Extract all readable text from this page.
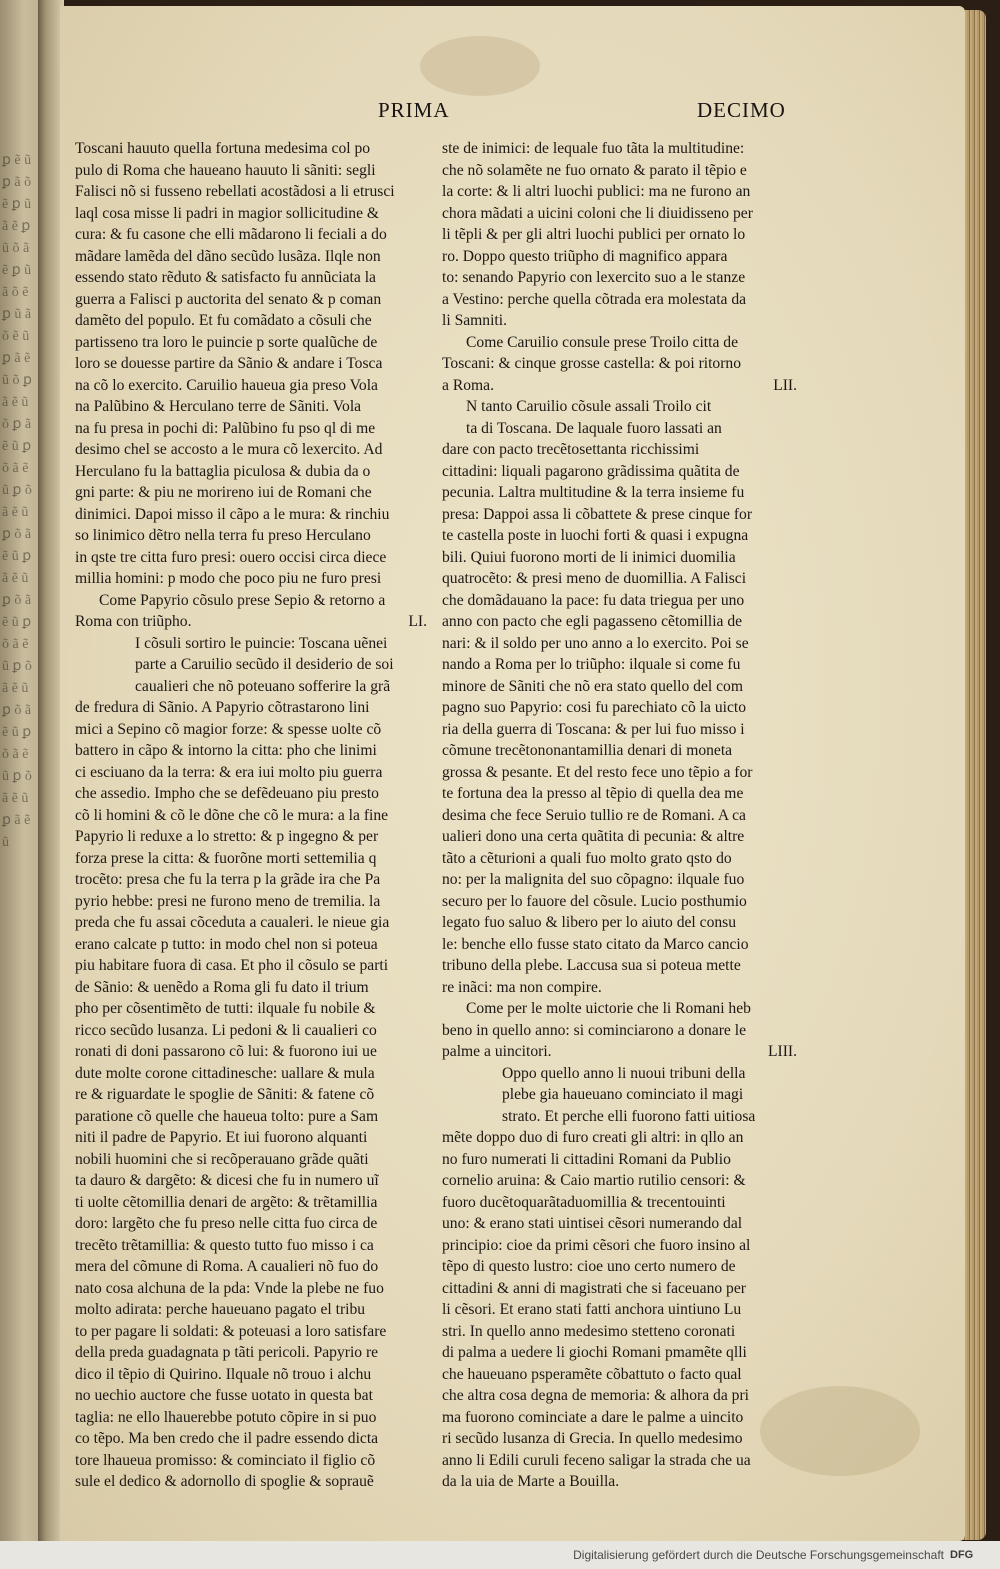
ꝑ ẽ ũ ꝑ ã õ ẽ ꝑ ũ ã ẽ ꝑ ũ õ ã ẽ ꝑ ũ ã õ ẽ ꝑ ũ ã õ ẽ ũ ꝑ ã ẽ ũ õ ꝑ ã ẽ ũ õ ꝑ ã ẽ ũ ꝑ õ ã ẽ ũ ꝑ õ ã ẽ ũ ꝑ õ ã ẽ ũ ꝑ ã ẽ ũ ꝑ õ ã ẽ ũ ꝑ õ ã ẽ ũ ꝑ õ ã ẽ ũ ꝑ õ ã ẽ ũ ꝑ õ ã ẽ ũ ꝑ õ ã ẽ ũ ꝑ ã ẽ ũ
PRIMA	DECIMO

Toscani hauuto quella fortuna medesima col po

pulo di Roma che haueano hauuto li sãniti: segli

Falisci nõ si fusseno rebellati acostãdosi a li etrusci

laql cosa misse li padri in magior sollicitudine &

cura: & fu casone che elli mãdarono li feciali a do

mãdare lamẽda del dãno secũdo lusãza. Ilqle non

essendo stato rẽduto & satisfacto fu annũciata la

guerra a Falisci p auctorita del senato & p coman

damẽto del populo. Et fu comãdato a cõsuli che

partisseno tra loro le puincie p sorte qualũche de

loro se douesse partire da Sãnio & andare i Tosca

na cõ lo exercito. Caruilio haueua gia preso Vola

na Palũbino & Herculano terre de Sãniti. Vola

na fu presa in pochi di: Palũbino fu pso ql di me

desimo chel se accosto a le mura cõ lexercito. Ad

Herculano fu la battaglia piculosa & dubia da o

gni parte: & piu ne morireno iui de Romani che

dinimici. Dapoi misso il cãpo a le mura: & rinchiu

so linimico dẽtro nella terra fu preso Herculano

in qste tre citta furo presi: ouero occisi circa diece

millia homini: p modo che poco piu ne furo presi

Come Papyrio cõsulo prese Sepio & retorno a

Roma con triũpho.	LI.

I cõsuli sortiro le puincie: Toscana uẽnei

parte a Caruilio secũdo il desiderio de soi

caualieri che nõ poteuano sofferire la grã

de fredura di Sãnio. A Papyrio cõtrastarono lini

mici a Sepino cõ magior forze: & spesse uolte cõ

battero in cãpo & intorno la citta: pho che linimi

ci esciuano da la terra: & era iui molto piu guerra

che assedio. Impho che se defẽdeuano piu presto

cõ li homini & cõ le dõne che cõ le mura: a la fine

Papyrio li reduxe a lo stretto: & p ingegno & per

forza prese la citta: & fuorõne morti settemilia q

trocẽto: presa che fu la terra p la grãde ira che Pa

pyrio hebbe: presi ne furono meno de tremilia. la

preda che fu assai cõceduta a caualeri. le nieue gia

erano calcate p tutto: in modo chel non si poteua

piu habitare fuora di casa. Et pho il cõsulo se parti

de Sãnio: & uenẽdo a Roma gli fu dato il trium

pho per cõsentimẽto de tutti: ilquale fu nobile &

ricco secũdo lusanza. Li pedoni & li caualieri co

ronati di doni passarono cõ lui: & fuorono iui ue

dute molte corone cittadinesche: uallare & mula

re & riguardate le spoglie de Sãniti: & fatene cõ

paratione cõ quelle che haueua tolto: pure a Sam

niti il padre de Papyrio. Et iui fuorono alquanti

nobili huomini che si recõperauano grãde quãti

ta dauro & dargẽto: & dicesi che fu in numero uĩ

ti uolte cẽtomillia denari de argẽto: & trẽtamillia

doro: largẽto che fu preso nelle citta fuo circa de

trecẽto trẽtamillia: & questo tutto fuo misso i ca

mera del cõmune di Roma. A caualieri nõ fuo do

nato cosa alchuna de la pda: Vnde la plebe ne fuo

molto adirata: perche haueuano pagato el tribu

to per pagare li soldati: & poteuasi a loro satisfare

della preda guadagnata p tãti pericoli. Papyrio re

dico il tẽpio di Quirino. Ilquale nõ trouo i alchu

no uechio auctore che fusse uotato in questa bat

taglia: ne ello lhauerebbe potuto cõpire in si puo

co tẽpo. Ma ben credo che il padre essendo dicta

tore lhaueua promisso: & cominciato il figlio cõ

sule el dedico & adornollo di spoglie & soprauẽ

ste de inimici: de lequale fuo tãta la multitudine:

che nõ solamẽte ne fuo ornato & parato il tẽpio e

la corte: & li altri luochi publici: ma ne furono an

chora mãdati a uicini coloni che li diuidisseno per

li tẽpli & per gli altri luochi publici per ornato lo

ro. Doppo questo triũpho di magnifico appara

to: senando Papyrio con lexercito suo a le stanze

a Vestino: perche quella cõtrada era molestata da

li Samniti.

Come Caruilio consule prese Troilo citta de

Toscani: & cinque grosse castella: & poi ritorno

a Roma.	LII.

N tanto Caruilio cõsule assali Troilo cit

ta di Toscana. De laquale fuoro lassati an

dare con pacto trecẽtosettanta ricchissimi

cittadini: liquali pagarono grãdissima quãtita de

pecunia. Laltra multitudine & la terra insieme fu

presa: Dappoi assa li cõbattete & prese cinque for

te castella poste in luochi forti & quasi i expugna

bili. Quiui fuorono morti de li inimici duomilia

quatrocẽto: & presi meno de duomillia. A Falisci

che domãdauano la pace: fu data triegua per uno

anno con pacto che egli pagasseno cẽtomillia de

nari: & il soldo per uno anno a lo exercito. Poi se

nando a Roma per lo triũpho: ilquale si come fu

minore de Sãniti che nõ era stato quello del com

pagno suo Papyrio: cosi fu parechiato cõ la uicto

ria della guerra di Toscana: & per lui fuo misso i

cõmune trecẽtononantamillia denari di moneta

grossa & pesante. Et del resto fece uno tẽpio a for

te fortuna dea la presso al tẽpio di quella dea me

desima che fece Seruio tullio re de Romani. A ca

ualieri dono una certa quãtita di pecunia: & altre

tãto a cẽturioni a quali fuo molto grato qsto do

no: per la malignita del suo cõpagno: ilquale fuo

securo per lo fauore del cõsule. Lucio posthumio

legato fuo saluo & libero per lo aiuto del consu

le: benche ello fusse stato citato da Marco cancio

tribuno della plebe. Laccusa sua si poteua mette

re inãci: ma non compire.

Come per le molte uictorie che li Romani heb

beno in quello anno: si cominciarono a donare le

palme a uincitori.	LIII.

Oppo quello anno li nuoui tribuni della

plebe gia haueuano cominciato il magi

strato. Et perche elli fuorono fatti uitiosa

mẽte doppo duo di furo creati gli altri: in qllo an

no furo numerati li cittadini Romani da Publio

cornelio aruina: & Caio martio rutilio censori: &

fuoro ducẽtoquarãtaduomillia & trecentouinti

uno: & erano stati uintisei cẽsori numerando dal

principio: cioe da primi cẽsori che fuoro insino al

tẽpo di questo lustro: cioe uno certo numero de

cittadini & anni di magistrati che si faceuano per

li cẽsori. Et erano stati fatti anchora uintiuno Lu

stri. In quello anno medesimo stetteno coronati

di palma a uedere li giochi Romani pmamẽte qlli

che haueuano psperamẽte cõbattuto o facto qual

che altra cosa degna de memoria: & alhora da pri

ma fuorono cominciate a dare le palme a uincito

ri secũdo lusanza di Grecia. In quello medesimo

anno li Edili curuli feceno saligar la strada che ua

da la uia de Marte a Bouilla.

Digitalisierung gefördert durch die Deutsche Forschungsgemeinschaft DFG
